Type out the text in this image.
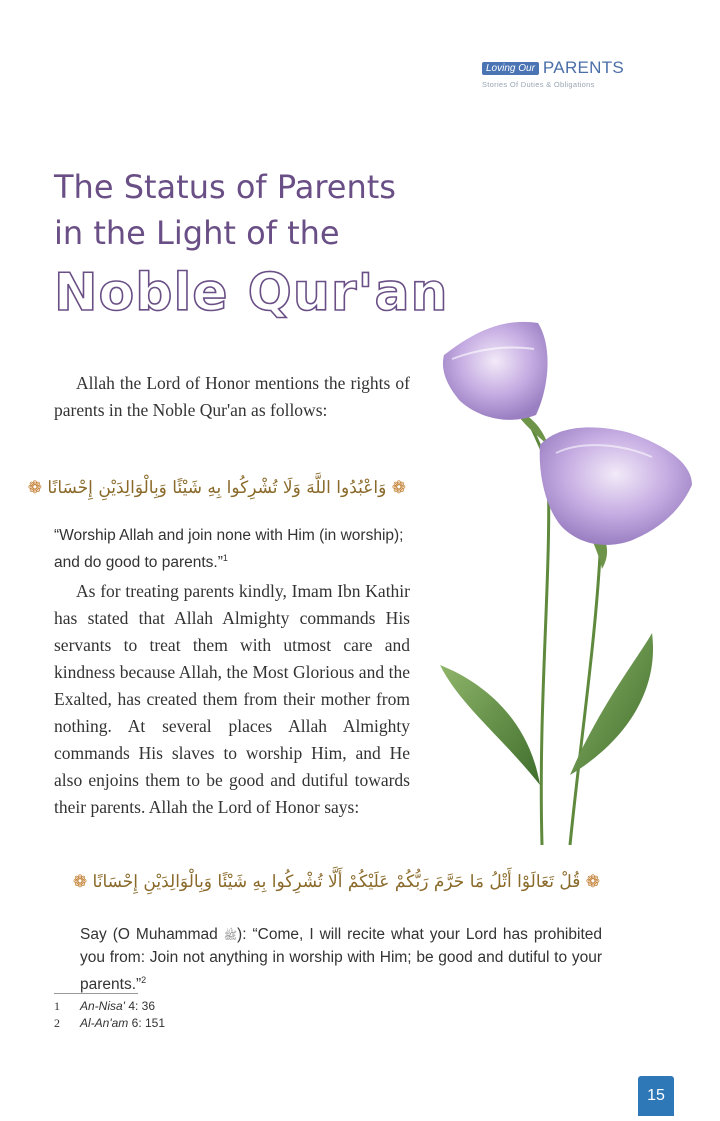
Loving Our PARENTS
Stories Of Duties & Obligations
The Status of Parents
in the Light of the
Noble Qur'an
Allah the Lord of Honor mentions the rights of parents in the Noble Qur'an as follows:
❁ وَاعْبُدُوا اللَّهَ وَلَا تُشْرِكُوا بِهِ شَيْئًا وَبِالْوَالِدَيْنِ إِحْسَانًا ❁
“Worship Allah and join none with Him (in worship); and do good to parents.”$^1$
As for treating parents kindly, Imam Ibn Kathir has stated that Allah Almighty commands His servants to treat them with utmost care and kindness because Allah, the Most Glorious and the Exalted, has created them from their mother from nothing. At several places Allah Almighty commands His slaves to worship Him, and He also enjoins them to be good and dutiful towards their parents. Allah the Lord of Honor says:
❁ قُلْ تَعَالَوْا أَتْلُ مَا حَرَّمَ رَبُّكُمْ عَلَيْكُمْ أَلَّا تُشْرِكُوا بِهِ شَيْئًا وَبِالْوَالِدَيْنِ إِحْسَانًا ❁
Say (O Muhammad ﷺ): “Come, I will recite what your Lord has prohibited you from: Join not anything in worship with Him; be good and dutiful to your parents.”$^2$
1 An-Nisa' 4: 36
2 Al-An'am 6: 151
15
